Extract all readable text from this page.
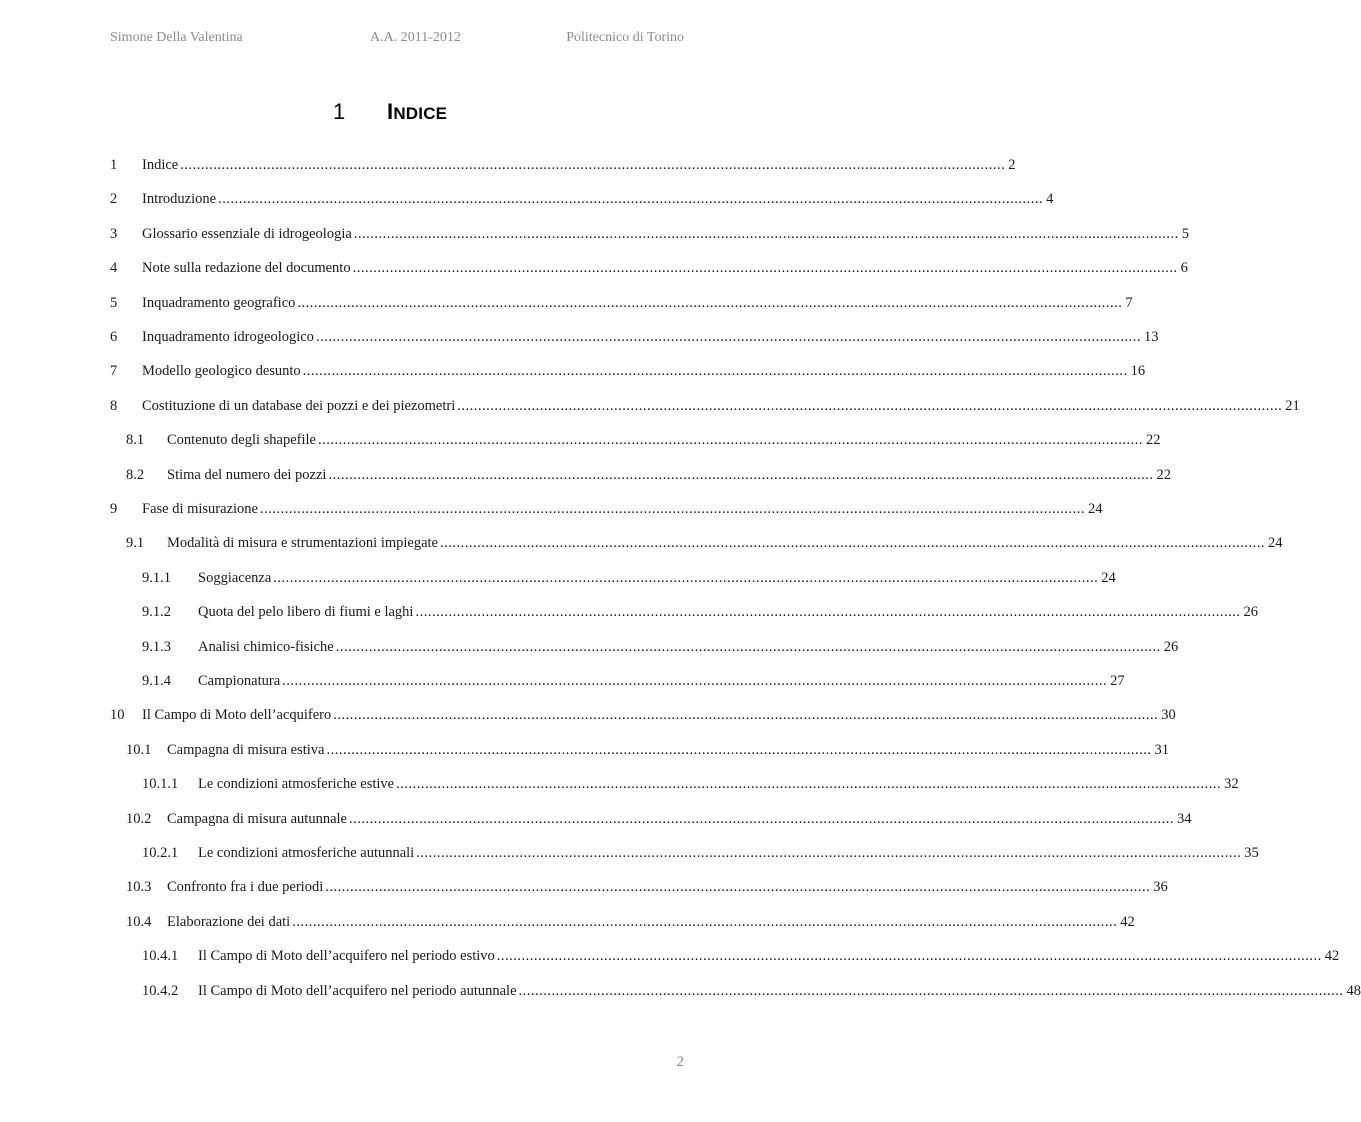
Simone Della Valentina	A.A. 2011-2012	Politecnico di Torino
1 INDICE
1 Indice ........................................................................................................................................................................................................ 2
2 Introduzione ........................................................................................................................................................................................................ 4
3 Glossario essenziale di idrogeologia ........................................................................................................................................................................................................ 5
4 Note sulla redazione del documento ........................................................................................................................................................................................................ 6
5 Inquadramento geografico ........................................................................................................................................................................................................ 7
6 Inquadramento idrogeologico ........................................................................................................................................................................................................ 13
7 Modello geologico desunto ........................................................................................................................................................................................................ 16
8 Costituzione di un database dei pozzi e dei piezometri ........................................................................................................................................................................................................ 21
8.1 Contenuto degli shapefile ........................................................................................................................................................................................................ 22
8.2 Stima del numero dei pozzi ........................................................................................................................................................................................................ 22
9 Fase di misurazione ........................................................................................................................................................................................................ 24
9.1 Modalità di misura e strumentazioni impiegate ........................................................................................................................................................................................................ 24
9.1.1 Soggiacenza ........................................................................................................................................................................................................ 24
9.1.2 Quota del pelo libero di fiumi e laghi ........................................................................................................................................................................................................ 26
9.1.3 Analisi chimico-fisiche ........................................................................................................................................................................................................ 26
9.1.4 Campionatura ........................................................................................................................................................................................................ 27
10 Il Campo di Moto dell’acquifero ........................................................................................................................................................................................................ 30
10.1 Campagna di misura estiva ........................................................................................................................................................................................................ 31
10.1.1 Le condizioni atmosferiche estive ........................................................................................................................................................................................................ 32
10.2 Campagna di misura autunnale ........................................................................................................................................................................................................ 34
10.2.1 Le condizioni atmosferiche autunnali ........................................................................................................................................................................................................ 35
10.3 Confronto fra i due periodi ........................................................................................................................................................................................................ 36
10.4 Elaborazione dei dati ........................................................................................................................................................................................................ 42
10.4.1 Il Campo di Moto dell’acquifero nel periodo estivo ........................................................................................................................................................................................................ 42
10.4.2 Il Campo di Moto dell’acquifero nel periodo autunnale ........................................................................................................................................................................................................ 48
2
